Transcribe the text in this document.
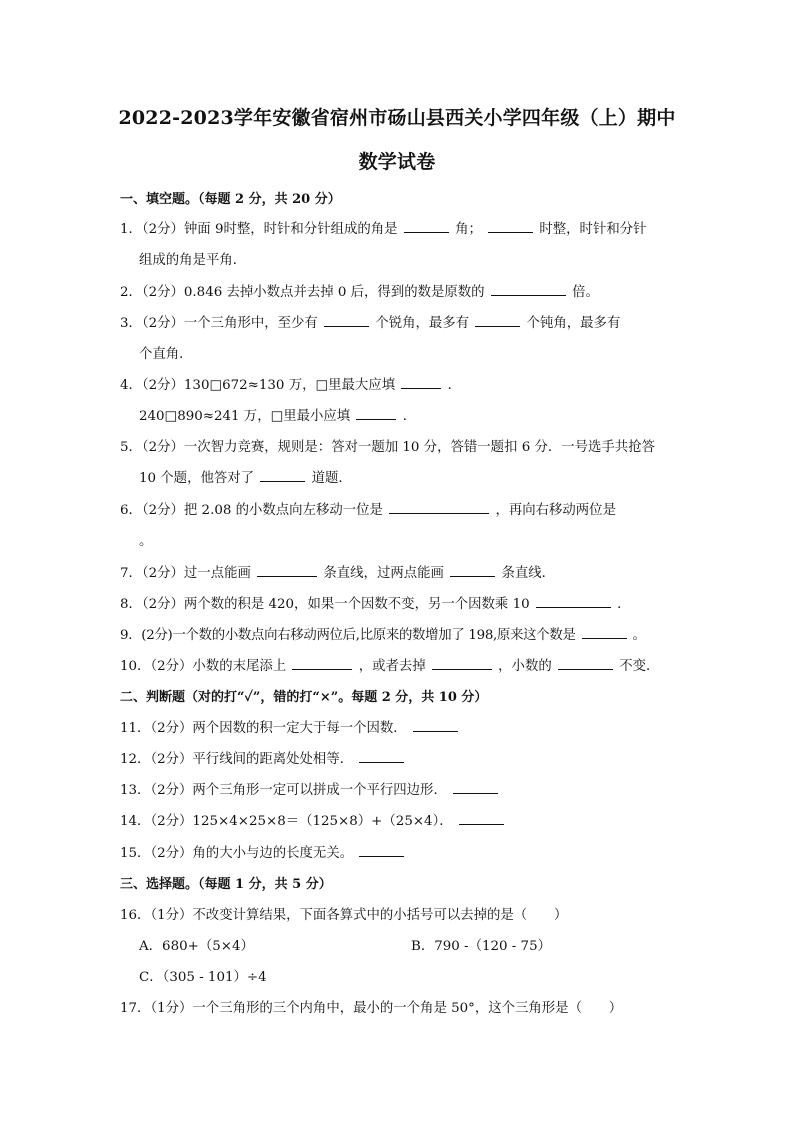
2022-2023学年安徽省宿州市砀山县西关小学四年级（上）期中
数学试卷
一、填空题。（每题 2 分，共 20 分）
1．（2分）钟面 9时整，时针和分针组成的角是	角；	时整，时针和分针
组成的角是平角．
2．（2分）0.846 去掉小数点并去掉 0 后，得到的数是原数的	倍。
3．（2分）一个三角形中，至少有	个锐角，最多有	个钝角，最多有
个直角．
4．（2分）130□672≈130 万，□里最大应填	．
240□890≈241 万，□里最小应填	．
5．（2分）一次智力竞赛，规则是：答对一题加 10 分，答错一题扣 6 分．一号选手共抢答
10 个题，他答对了	道题．
6．（2分）把 2.08 的小数点向左移动一位是	，再向右移动两位是
。
7．（2分）过一点能画	条直线，过两点能画	条直线．
8．（2分）两个数的积是 420，如果一个因数不变，另一个因数乘 10	．
9．(2分)一个数的小数点向右移动两位后,比原来的数增加了 198,原来这个数是	。
10．（2分）小数的末尾添上	，或者去掉	，小数的	不变．
二、判断题（对的打“✓”，错的打“×”。每题 2 分，共 10 分）
11．（2分）两个因数的积一定大于每一个因数．
12．（2分）平行线间的距离处处相等．
13．（2分）两个三角形一定可以拼成一个平行四边形．
14．（2分）125×4×25×8＝（125×8）+（25×4）．
15．（2分）角的大小与边的长度无关。
三、选择题。（每题 1 分，共 5 分）
16．（1分）不改变计算结果，下面各算式中的小括号可以去掉的是（　　）
A．680+（5×4）	B．790 -（120 - 75）
C．（305 - 101）÷4
17．（1分）一个三角形的三个内角中，最小的一个角是 50°，这个三角形是（　　）
